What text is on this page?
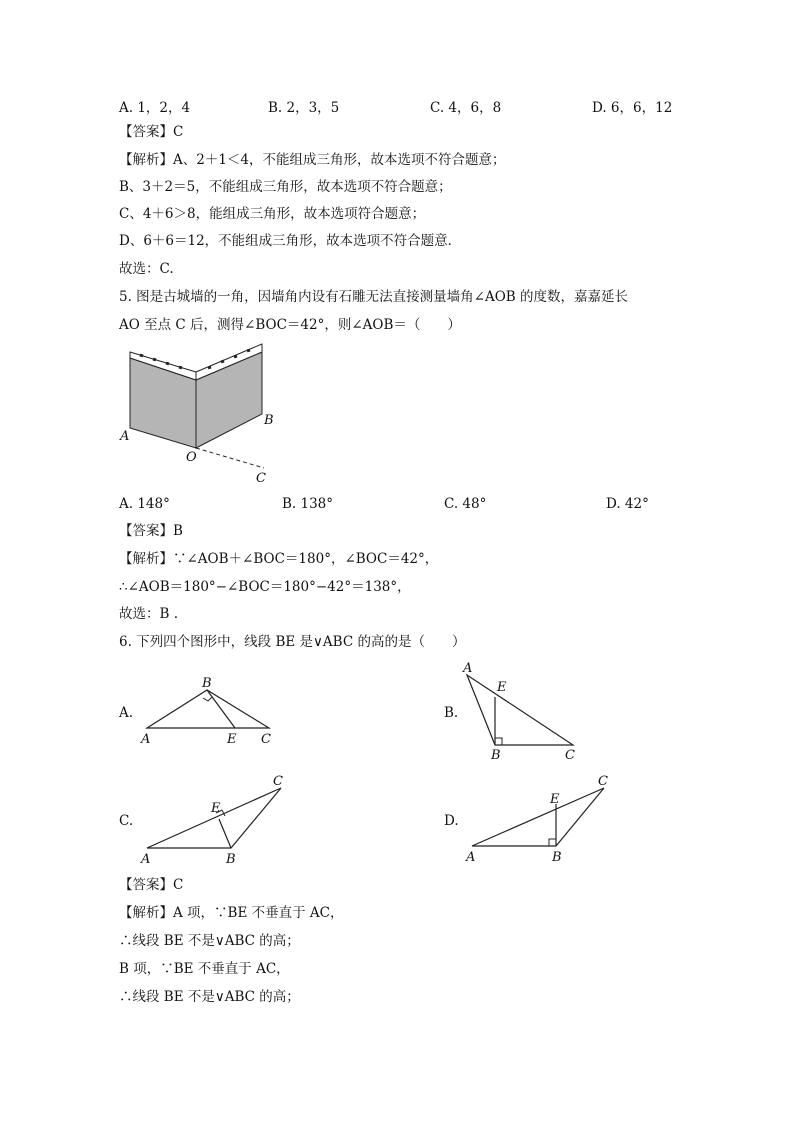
A. 1，2，4	B. 2，3，5	C. 4，6，8	D. 6，6，12
【答案】C
【解析】A、2＋1＜4，不能组成三角形，故本选项不符合题意；
B、3＋2＝5，不能组成三角形，故本选项不符合题意；
C、4＋6＞8，能组成三角形，故本选项符合题意；
D、6＋6＝12，不能组成三角形，故本选项不符合题意．
故选：C.
5. 图是古城墙的一角，因墙角内设有石雕无法直接测量墙角∠AOB 的度数，嘉嘉延长
AO 至点 C 后，测得∠BOC＝42°，则∠AOB＝（　　）
A
B
O
C
A. 148°	B. 138°	C. 48°	D. 42°
【答案】B
【解析】∵∠AOB＋∠BOC＝180°，∠BOC＝42°，
∴∠AOB＝180°−∠BOC＝180°−42°＝138°，
故选：B .
6. 下列四个图形中，线段 BE 是∨ABC 的高的是（　　）
A.
B
A	E C
B.
A
E
B	C
C.
C
E
A	B
D.
C
E
A	B
【答案】C
【解析】A 项，∵BE 不垂直于 AC，
∴线段 BE 不是∨ABC 的高；
B 项，∵BE 不垂直于 AC，
∴线段 BE 不是∨ABC 的高；
